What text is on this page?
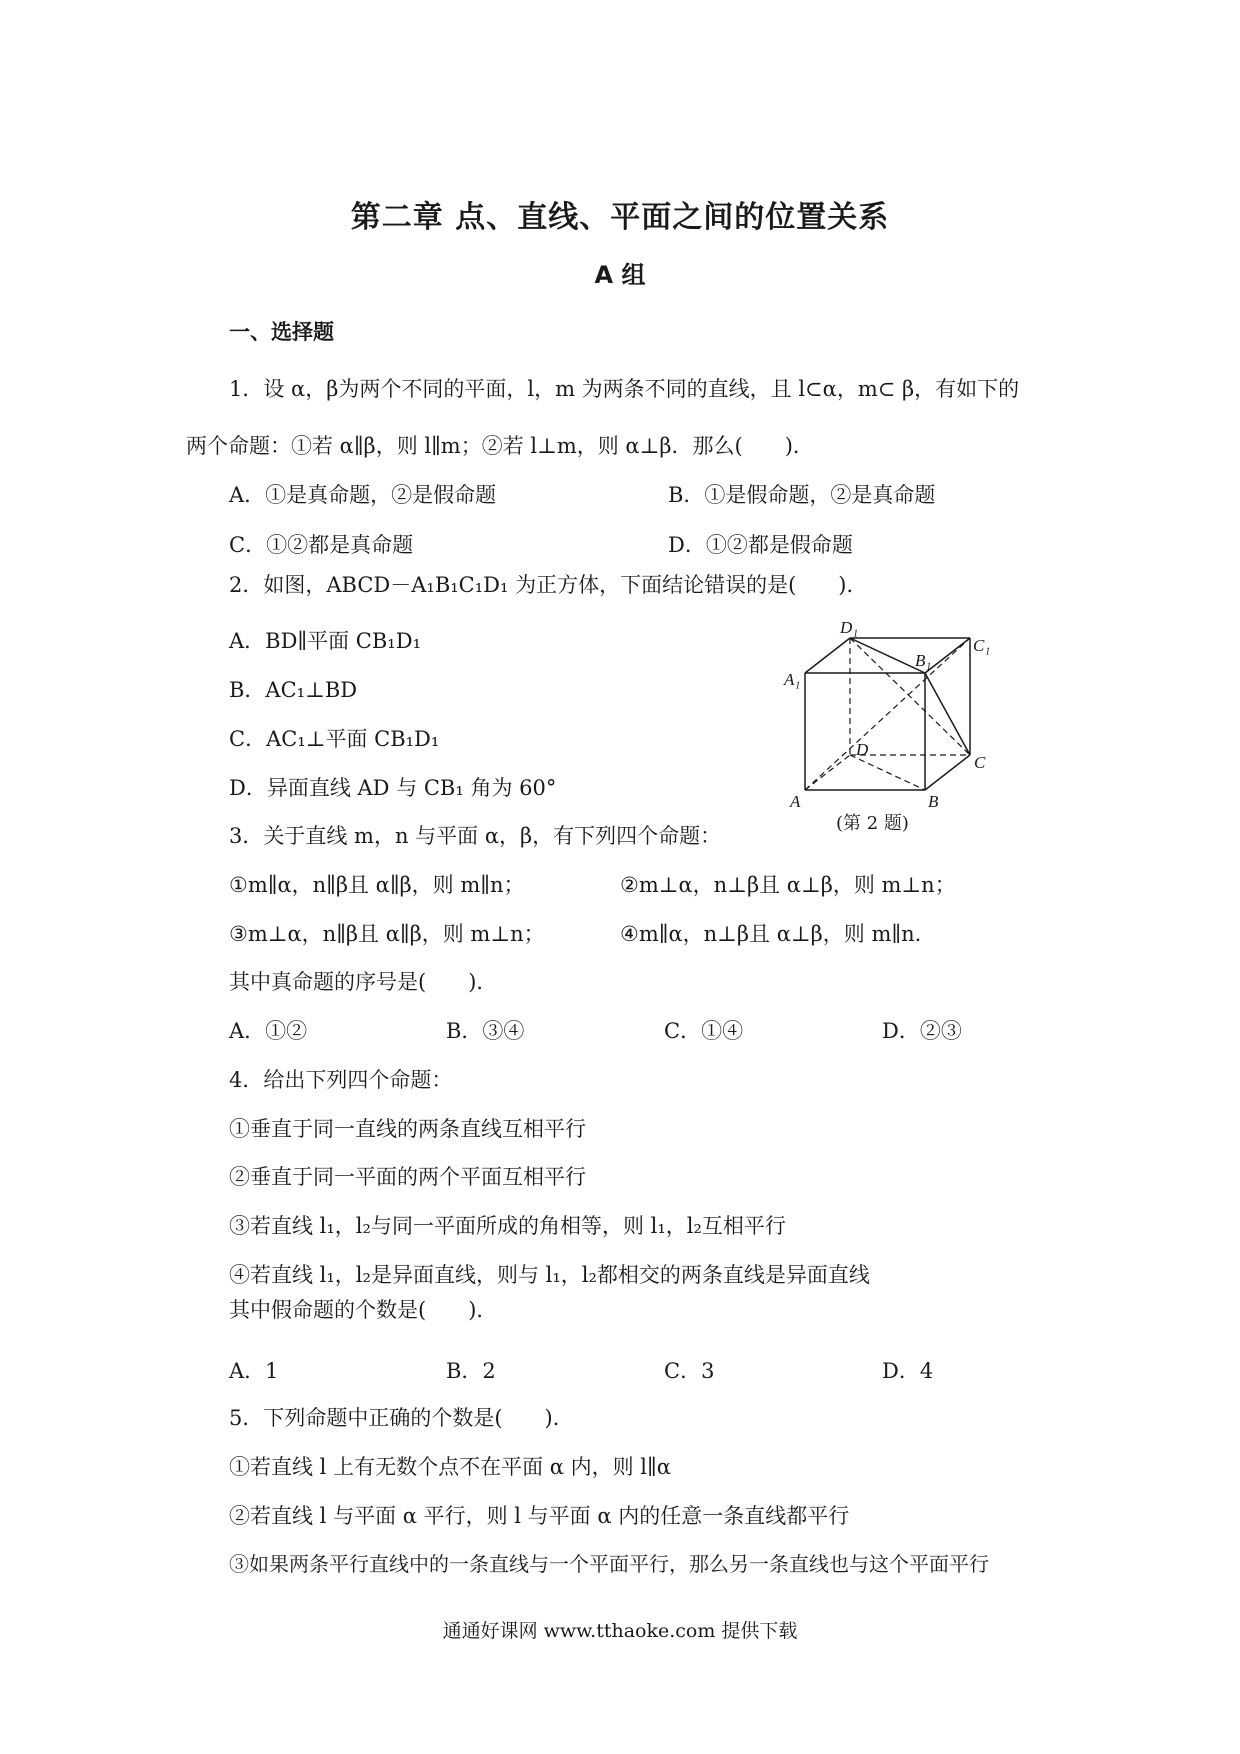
第二章 点、直线、平面之间的位置关系
A 组
一、选择题
1．设 α，β为两个不同的平面，l，m 为两条不同的直线，且 l⊂α，m⊂ β，有如下的
两个命题：①若 α∥β，则 l∥m；②若 l⊥m，则 α⊥β．那么(　　)．
A．①是真命题，②是假命题	B．①是假命题，②是真命题
C．①②都是真命题	D．①②都是假命题
2．如图，ABCD－A₁B₁C₁D₁ 为正方体，下面结论错误的是(　　)．
A．BD∥平面 CB₁D₁
B．AC₁⊥BD
C．AC₁⊥平面 CB₁D₁
D．异面直线 AD 与 CB₁ 角为 60°
D₁
B₁
C₁
A₁
D
C
A	B
(第 2 题)
3．关于直线 m，n 与平面 α，β，有下列四个命题：
①m∥α，n∥β且 α∥β，则 m∥n；	②m⊥α，n⊥β且 α⊥β，则 m⊥n；
③m⊥α，n∥β且 α∥β，则 m⊥n；	④m∥α，n⊥β且 α⊥β，则 m∥n.
其中真命题的序号是(　　)．
A．①②	B．③④	C．①④	D．②③
4．给出下列四个命题：
①垂直于同一直线的两条直线互相平行
②垂直于同一平面的两个平面互相平行
③若直线 l₁，l₂与同一平面所成的角相等，则 l₁，l₂互相平行
④若直线 l₁，l₂是异面直线，则与 l₁，l₂都相交的两条直线是异面直线
其中假命题的个数是(　　)．
A．1	B．2	C．3	D．4
5．下列命题中正确的个数是(　　)．
①若直线 l 上有无数个点不在平面 α 内，则 l∥α
②若直线 l 与平面 α 平行，则 l 与平面 α 内的任意一条直线都平行
③如果两条平行直线中的一条直线与一个平面平行，那么另一条直线也与这个平面平行
通通好课网 www.tthaoke.com 提供下载
